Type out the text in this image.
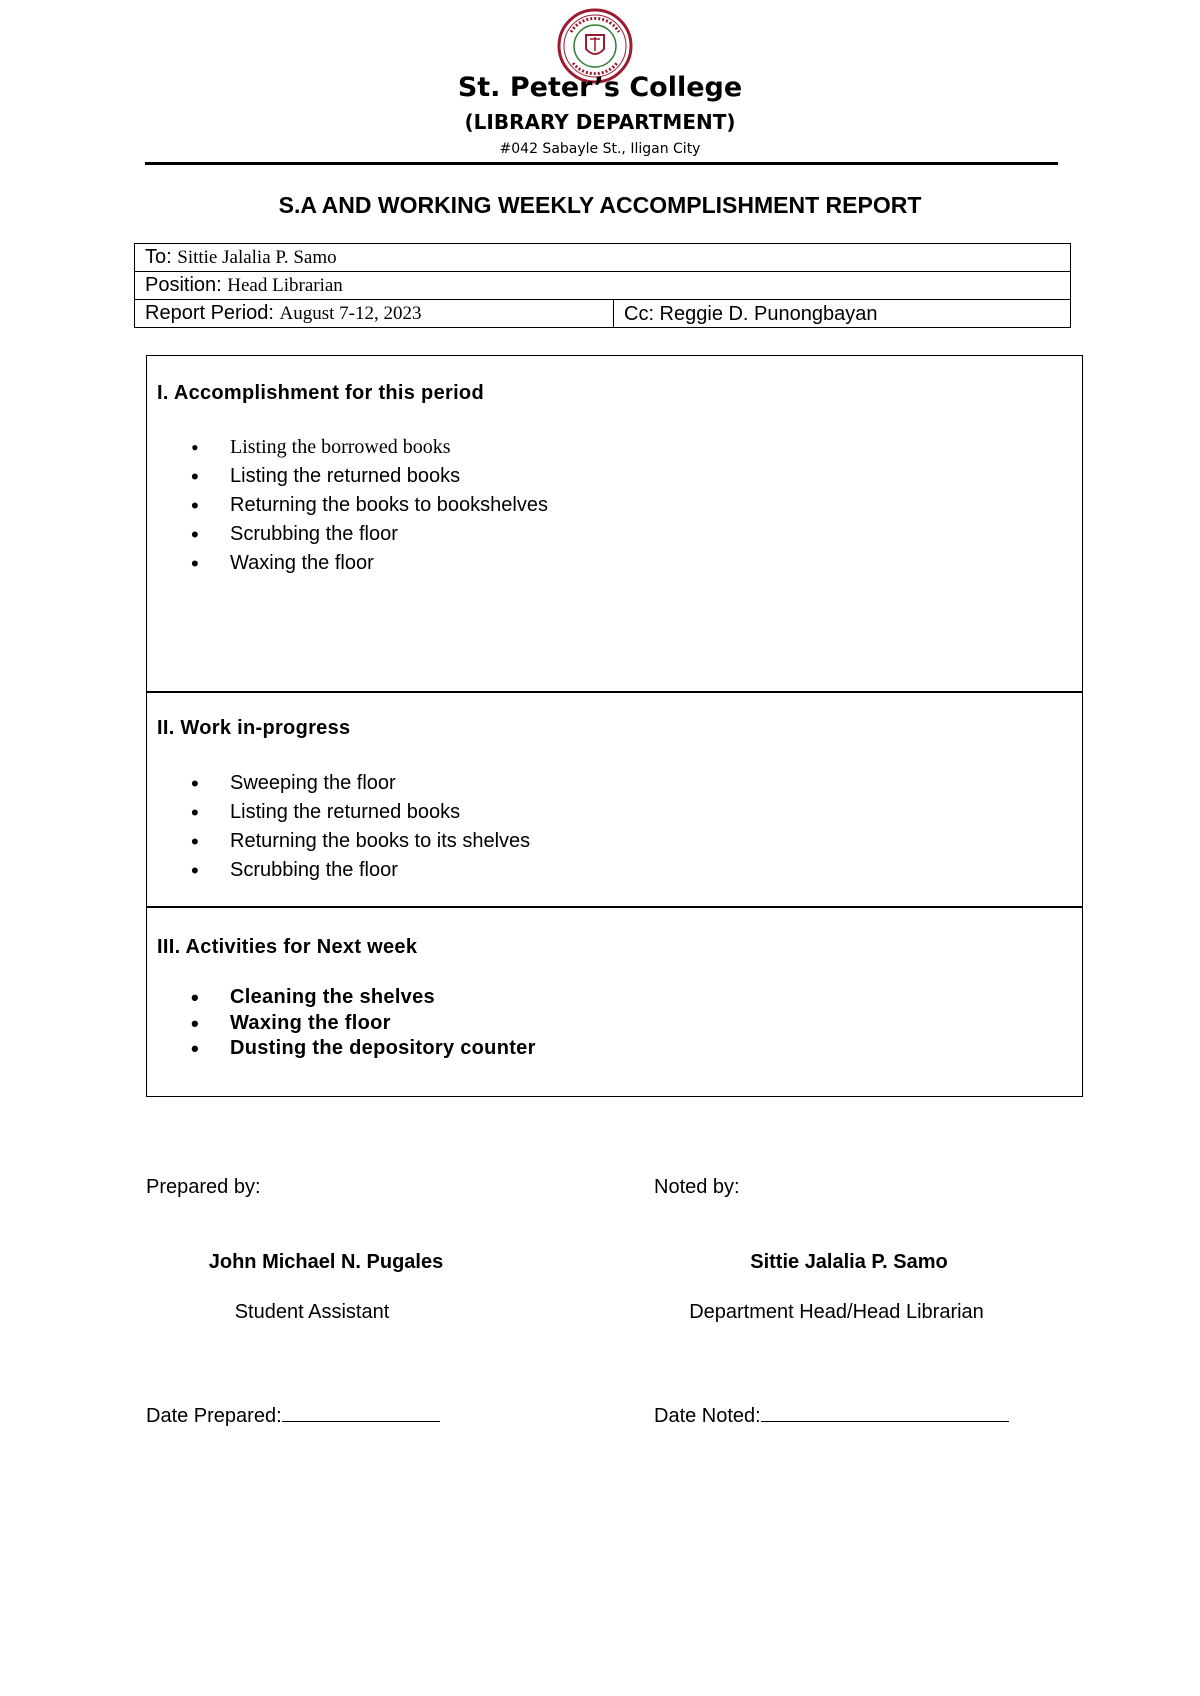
St. Peter’s College
(LIBRARY DEPARTMENT)
#042 Sabayle St., Iligan City
S.A AND WORKING WEEKLY ACCOMPLISHMENT REPORT
To: Sittie Jalalia P. Samo
Position: Head Librarian
Report Period: August 7-12, 2023	Cc: Reggie D. Punongbayan
I. Accomplishment for this period
• Listing the borrowed books
• Listing the returned books
• Returning the books to bookshelves
• Scrubbing the floor
• Waxing the floor
II. Work in-progress
• Sweeping the floor
• Listing the returned books
• Returning the books to its shelves
• Scrubbing the floor
III. Activities for Next week
• Cleaning the shelves
• Waxing the floor
• Dusting the depository counter
Prepared by:	Noted by:
John Michael N. Pugales	Sittie Jalalia P. Samo
Student Assistant	Department Head/Head Librarian
Date Prepared:	Date Noted:
